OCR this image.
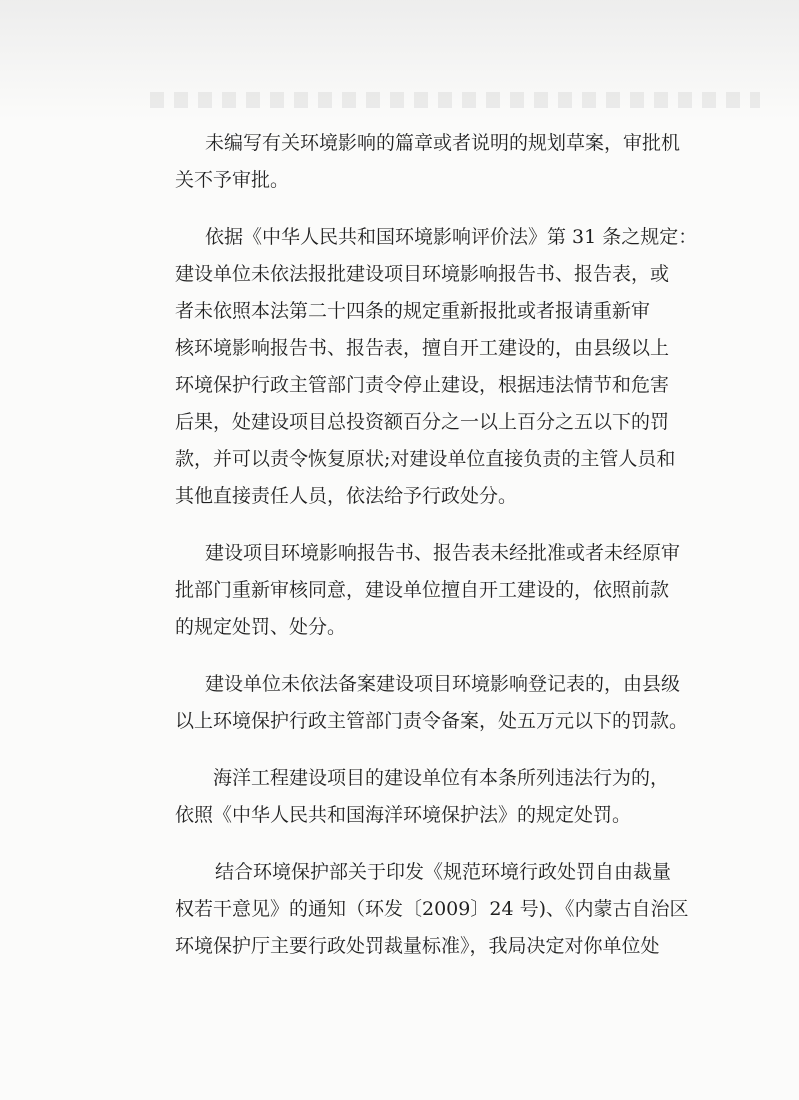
未编写有关环境影响的篇章或者说明的规划草案，审批机
关不予审批。
依据《中华人民共和国环境影响评价法》第 31 条之规定：
建设单位未依法报批建设项目环境影响报告书、报告表，或
者未依照本法第二十四条的规定重新报批或者报请重新审
核环境影响报告书、报告表，擅自开工建设的，由县级以上
环境保护行政主管部门责令停止建设，根据违法情节和危害
后果，处建设项目总投资额百分之一以上百分之五以下的罚
款，并可以责令恢复原状;对建设单位直接负责的主管人员和
其他直接责任人员，依法给予行政处分。
建设项目环境影响报告书、报告表未经批准或者未经原审
批部门重新审核同意，建设单位擅自开工建设的，依照前款
的规定处罚、处分。
建设单位未依法备案建设项目环境影响登记表的，由县级
以上环境保护行政主管部门责令备案，处五万元以下的罚款。
海洋工程建设项目的建设单位有本条所列违法行为的，
依照《中华人民共和国海洋环境保护法》的规定处罚。
结合环境保护部关于印发《规范环境行政处罚自由裁量
权若干意见》的通知（环发〔2009〕24 号)、《内蒙古自治区
环境保护厅主要行政处罚裁量标准》，我局决定对你单位处
